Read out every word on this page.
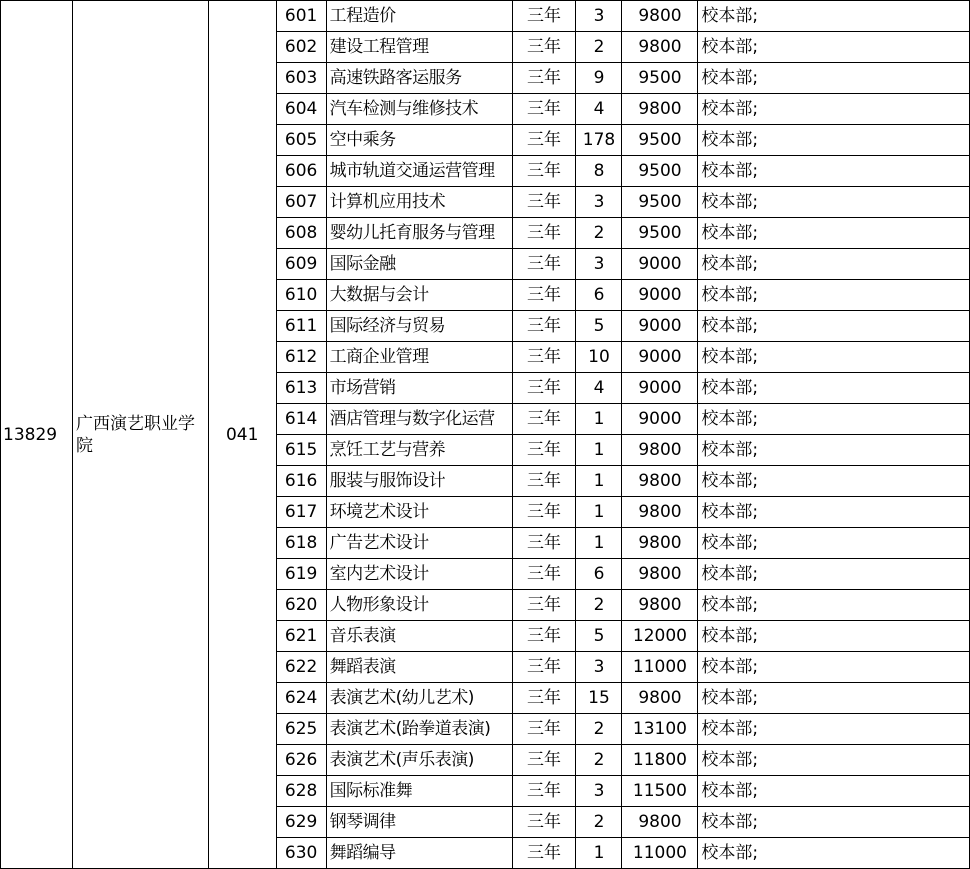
13829	广西演艺职业学院	041	601	工程造价	三年	3	9800	校本部;
			602	建设工程管理	三年	2	9800	校本部;
			603	高速铁路客运服务	三年	9	9500	校本部;
			604	汽车检测与维修技术	三年	4	9800	校本部;
			605	空中乘务	三年	178	9500	校本部;
			606	城市轨道交通运营管理	三年	8	9500	校本部;
			607	计算机应用技术	三年	3	9500	校本部;
			608	婴幼儿托育服务与管理	三年	2	9500	校本部;
			609	国际金融	三年	3	9000	校本部;
			610	大数据与会计	三年	6	9000	校本部;
			611	国际经济与贸易	三年	5	9000	校本部;
			612	工商企业管理	三年	10	9000	校本部;
			613	市场营销	三年	4	9000	校本部;
			614	酒店管理与数字化运营	三年	1	9000	校本部;
			615	烹饪工艺与营养	三年	1	9800	校本部;
			616	服装与服饰设计	三年	1	9800	校本部;
			617	环境艺术设计	三年	1	9800	校本部;
			618	广告艺术设计	三年	1	9800	校本部;
			619	室内艺术设计	三年	6	9800	校本部;
			620	人物形象设计	三年	2	9800	校本部;
			621	音乐表演	三年	5	12000	校本部;
			622	舞蹈表演	三年	3	11000	校本部;
			624	表演艺术(幼儿艺术)	三年	15	9800	校本部;
			625	表演艺术(跆拳道表演)	三年	2	13100	校本部;
			626	表演艺术(声乐表演)	三年	2	11800	校本部;
			628	国际标准舞	三年	3	11500	校本部;
			629	钢琴调律	三年	2	9800	校本部;
			630	舞蹈编导	三年	1	11000	校本部;
